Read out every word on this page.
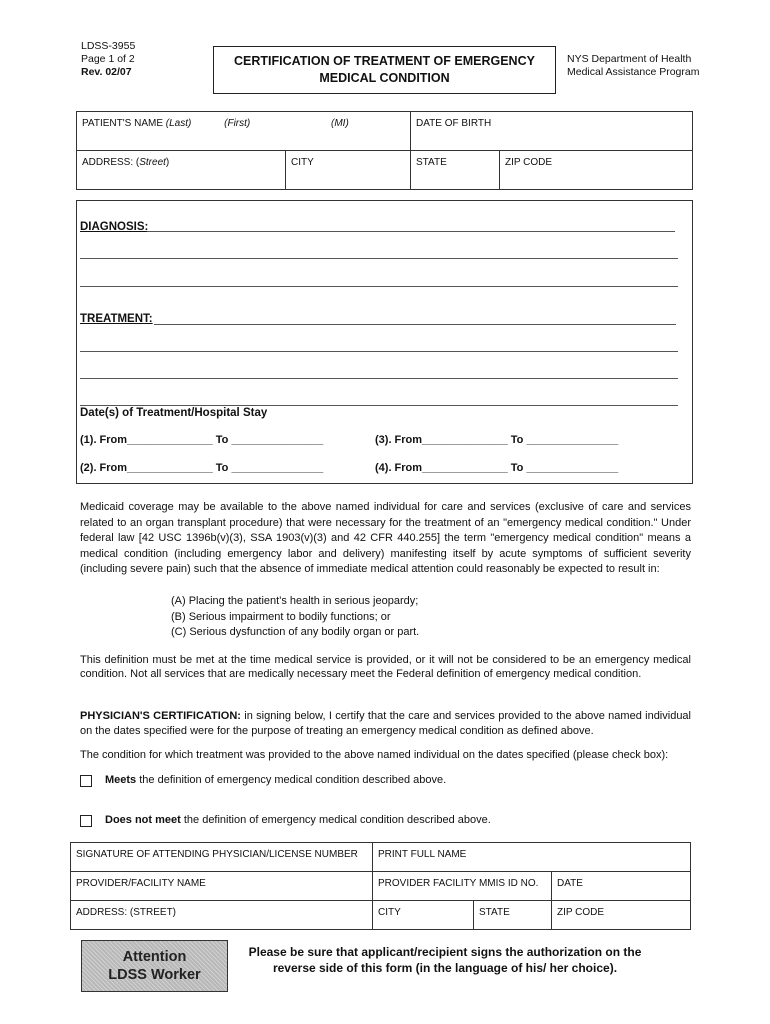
LDSS-3955
Page 1 of 2
Rev. 02/07
CERTIFICATION OF TREATMENT OF EMERGENCY
MEDICAL CONDITION
NYS Department of Health
Medical Assistance Program
PATIENT'S NAME (Last) (First) (MI)		DATE OF BIRTH	
ADDRESS: (Street)	CITY	STATE	ZIP CODE
DIAGNOSIS:
TREATMENT:
Date(s) of Treatment/Hospital Stay
(1). From______________ To _______________	(3). From______________ To _______________
(2). From______________ To _______________	(4). From______________ To _______________
Medicaid coverage may be available to the above named individual for care and services (exclusive of care and services related to an organ transplant procedure) that were necessary for the treatment of an "emergency medical condition." Under federal law [42 USC 1396b(v)(3), SSA 1903(v)(3) and 42 CFR 440.255] the term "emergency medical condition" means a medical condition (including emergency labor and delivery) manifesting itself by acute symptoms of sufficient severity (including severe pain) such that the absence of immediate medical attention could reasonably be expected to result in:
(A) Placing the patient's health in serious jeopardy;
(B) Serious impairment to bodily functions; or
(C) Serious dysfunction of any bodily organ or part.
This definition must be met at the time medical service is provided, or it will not be considered to be an emergency medical condition. Not all services that are medically necessary meet the Federal definition of emergency medical condition.
PHYSICIAN'S CERTIFICATION: in signing below, I certify that the care and services provided to the above named individual on the dates specified were for the purpose of treating an emergency medical condition as defined above.
The condition for which treatment was provided to the above named individual on the dates specified (please check box):
Meets the definition of emergency medical condition described above.
Does not meet the definition of emergency medical condition described above.
SIGNATURE OF ATTENDING PHYSICIAN/LICENSE NUMBER	PRINT FULL NAME		
PROVIDER/FACILITY NAME	PROVIDER FACILITY MMIS ID NO.		DATE
ADDRESS: (STREET)	CITY	STATE	ZIP CODE
Attention
LDSS Worker
Please be sure that applicant/recipient signs the authorization on the
reverse side of this form (in the language of his/ her choice).
